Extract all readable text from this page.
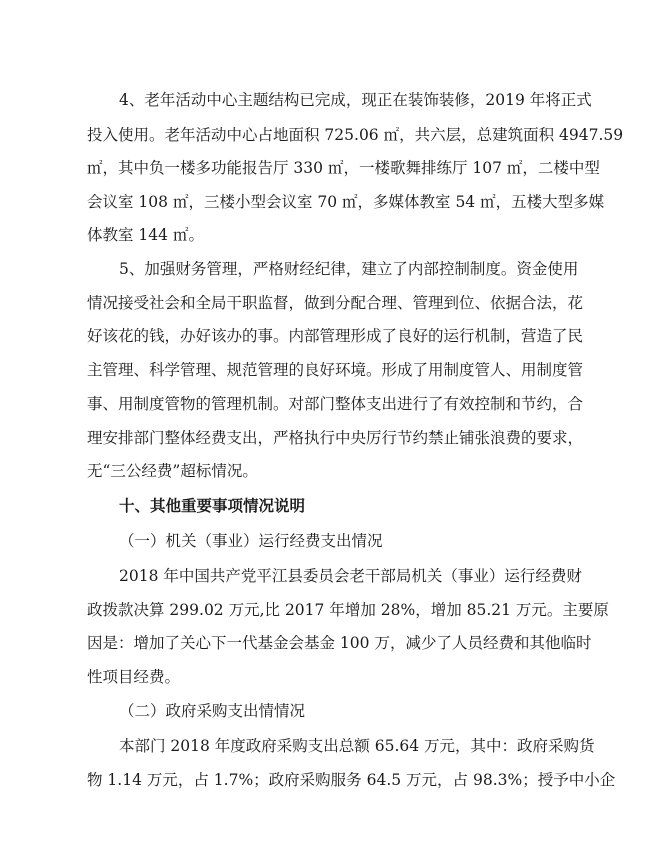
4、老年活动中心主题结构已完成，现正在装饰装修，2019 年将正式
投入使用。老年活动中心占地面积 725.06 ㎡，共六层，总建筑面积 4947.59
㎡，其中负一楼多功能报告厅 330 ㎡，一楼歌舞排练厅 107 ㎡，二楼中型
会议室 108 ㎡，三楼小型会议室 70 ㎡，多媒体教室 54 ㎡，五楼大型多媒
体教室 144 ㎡。
5、加强财务管理，严格财经纪律，建立了内部控制制度。资金使用
情况接受社会和全局干职监督，做到分配合理、管理到位、依据合法，花
好该花的钱，办好该办的事。内部管理形成了良好的运行机制，营造了民
主管理、科学管理、规范管理的良好环境。形成了用制度管人、用制度管
事、用制度管物的管理机制。对部门整体支出进行了有效控制和节约，合
理安排部门整体经费支出，严格执行中央厉行节约禁止铺张浪费的要求，
无“三公经费”超标情况。
十、其他重要事项情况说明
（一）机关（事业）运行经费支出情况
2018 年中国共产党平江县委员会老干部局机关（事业）运行经费财
政拨款决算 299.02 万元,比 2017 年增加 28%，增加 85.21 万元。主要原
因是：增加了关心下一代基金会基金 100 万，减少了人员经费和其他临时
性项目经费。
（二）政府采购支出情情况
本部门 2018 年度政府采购支出总额 65.64 万元，其中：政府采购货
物 1.14 万元，占 1.7%；政府采购服务 64.5 万元，占 98.3%；授予中小企
